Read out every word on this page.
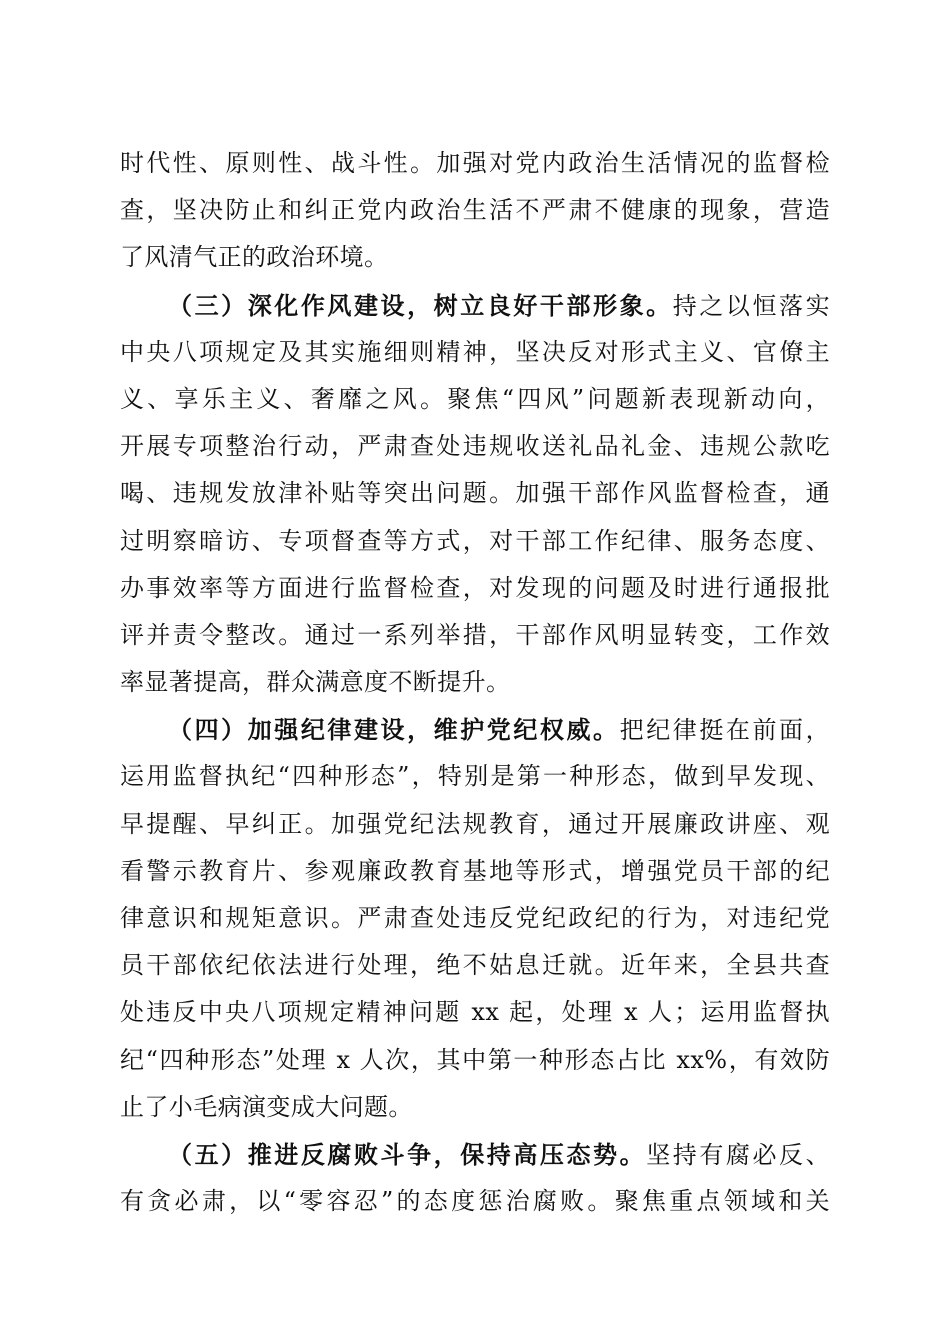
时代性、原则性、战斗性。加强对党内政治生活情况的监督检
查，坚决防止和纠正党内政治生活不严肃不健康的现象，营造
了风清气正的政治环境。
（三）深化作风建设，树立良好干部形象。持之以恒落实
中央八项规定及其实施细则精神，坚决反对形式主义、官僚主
义、享乐主义、奢靡之风。聚焦“四风”问题新表现新动向，
开展专项整治行动，严肃查处违规收送礼品礼金、违规公款吃
喝、违规发放津补贴等突出问题。加强干部作风监督检查，通
过明察暗访、专项督查等方式，对干部工作纪律、服务态度、
办事效率等方面进行监督检查，对发现的问题及时进行通报批
评并责令整改。通过一系列举措，干部作风明显转变，工作效
率显著提高，群众满意度不断提升。
（四）加强纪律建设，维护党纪权威。把纪律挺在前面，
运用监督执纪“四种形态”，特别是第一种形态，做到早发现、
早提醒、早纠正。加强党纪法规教育，通过开展廉政讲座、观
看警示教育片、参观廉政教育基地等形式，增强党员干部的纪
律意识和规矩意识。严肃查处违反党纪政纪的行为，对违纪党
员干部依纪依法进行处理，绝不姑息迁就。近年来，全县共查
处违反中央八项规定精神问题 xx 起，处理 x 人；运用监督执
纪“四种形态”处理 x 人次，其中第一种形态占比 xx%，有效防
止了小毛病演变成大问题。
（五）推进反腐败斗争，保持高压态势。坚持有腐必反、
有贪必肃，以“零容忍”的态度惩治腐败。聚焦重点领域和关
